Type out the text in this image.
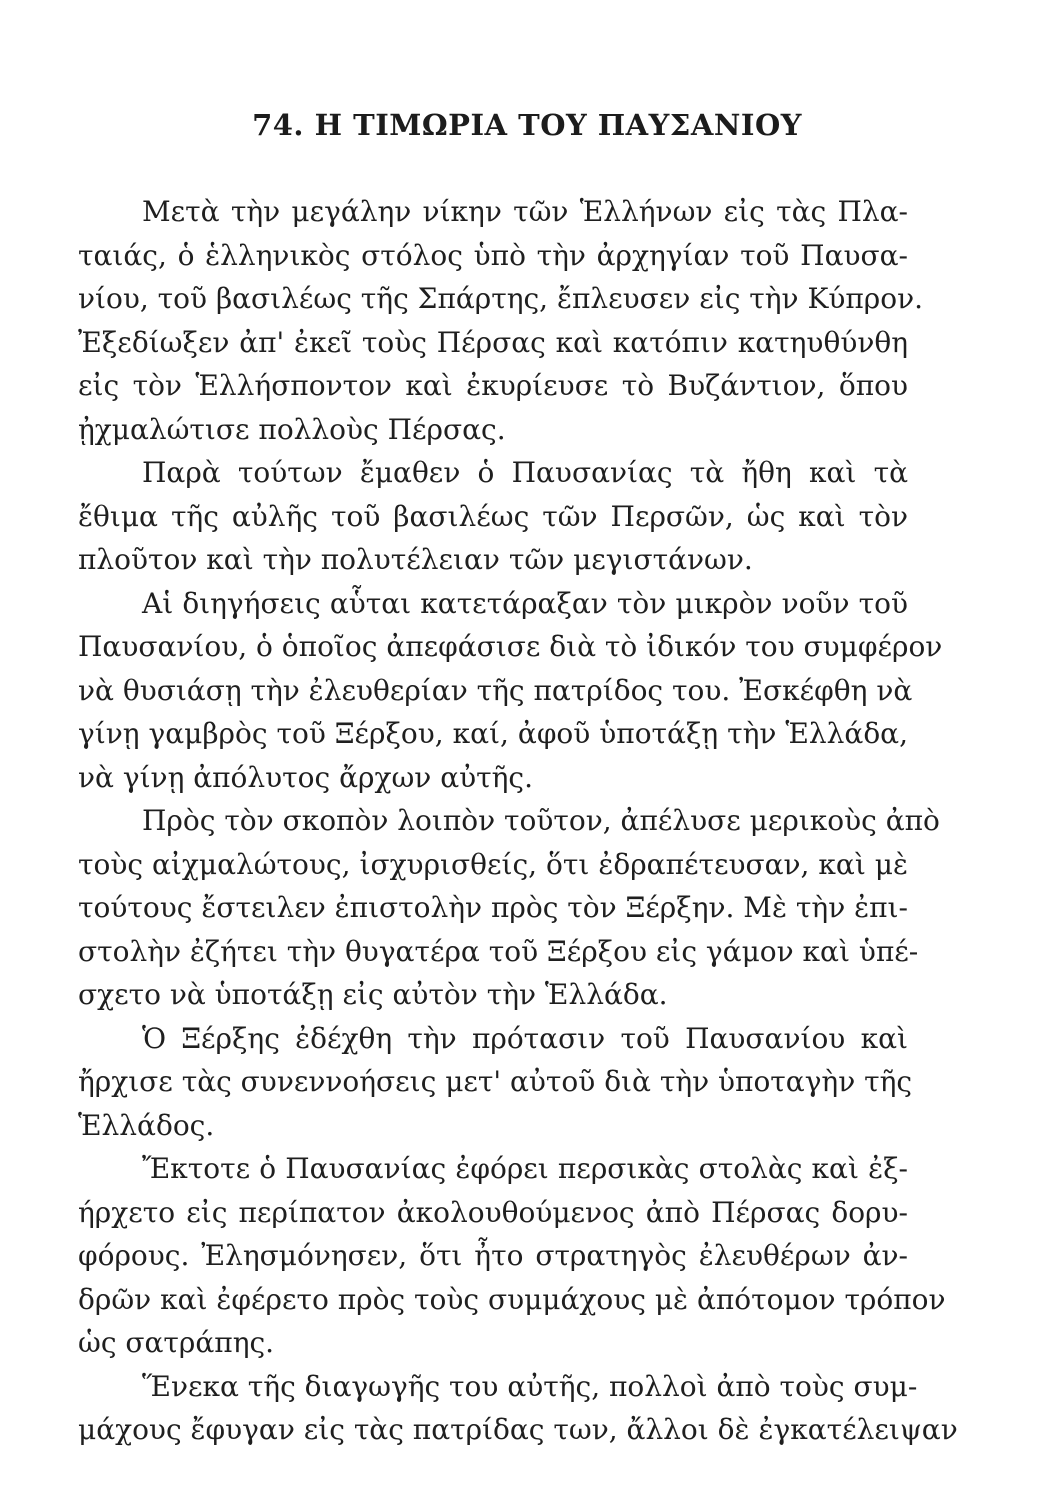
74. Η ΤΙΜΩΡΙΑ ΤΟΥ ΠΑΥΣΑΝΙΟΥ

Μετὰ τὴν μεγάλην νίκην τῶν Ἑλλήνων εἰς τὰς Πλα-

ταιάς, ὁ ἑλληνικὸς στόλος ὑπὸ τὴν ἀρχηγίαν τοῦ Παυσα-

νίου, τοῦ βασιλέως τῆς Σπάρτης, ἔπλευσεν εἰς τὴν Κύπρον.

Ἐξεδίωξεν ἀπ' ἐκεῖ τοὺς Πέρσας καὶ κατόπιν κατηυθύνθη

εἰς τὸν Ἑλλήσποντον καὶ ἐκυρίευσε τὸ Βυζάντιον, ὅπου

ᾐχμαλώτισε πολλοὺς Πέρσας.

Παρὰ τούτων ἔμαθεν ὁ Παυσανίας τὰ ἤθη καὶ τὰ

ἔθιμα τῆς αὐλῆς τοῦ βασιλέως τῶν Περσῶν, ὡς καὶ τὸν

πλοῦτον καὶ τὴν πολυτέλειαν τῶν μεγιστάνων.

Αἱ διηγήσεις αὗται κατετάραξαν τὸν μικρὸν νοῦν τοῦ

Παυσανίου, ὁ ὁποῖος ἀπεφάσισε διὰ τὸ ἰδικόν του συμφέρον

νὰ θυσιάσῃ τὴν ἐλευθερίαν τῆς πατρίδος του. Ἐσκέφθη νὰ

γίνῃ γαμβρὸς τοῦ Ξέρξου, καί, ἀφοῦ ὑποτάξῃ τὴν Ἑλλάδα,

νὰ γίνῃ ἀπόλυτος ἄρχων αὐτῆς.

Πρὸς τὸν σκοπὸν λοιπὸν τοῦτον, ἀπέλυσε μερικοὺς ἀπὸ

τοὺς αἰχμαλώτους, ἰσχυρισθείς, ὅτι ἐδραπέτευσαν, καὶ μὲ

τούτους ἔστειλεν ἐπιστολὴν πρὸς τὸν Ξέρξην. Μὲ τὴν ἐπι-

στολὴν ἐζήτει τὴν θυγατέρα τοῦ Ξέρξου εἰς γάμον καὶ ὑπέ-

σχετο νὰ ὑποτάξῃ εἰς αὐτὸν τὴν Ἑλλάδα.

Ὁ Ξέρξης ἐδέχθη τὴν πρότασιν τοῦ Παυσανίου καὶ

ἤρχισε τὰς συνεννοήσεις μετ' αὐτοῦ διὰ τὴν ὑποταγὴν τῆς

Ἑλλάδος.

Ἔκτοτε ὁ Παυσανίας ἐφόρει περσικὰς στολὰς καὶ ἐξ-

ήρχετο εἰς περίπατον ἀκολουθούμενος ἀπὸ Πέρσας δορυ-

φόρους. Ἐλησμόνησεν, ὅτι ἦτο στρατηγὸς ἐλευθέρων ἀν-

δρῶν καὶ ἐφέρετο πρὸς τοὺς συμμάχους μὲ ἀπότομον τρόπον

ὡς σατράπης.

Ἕνεκα τῆς διαγωγῆς του αὐτῆς, πολλοὶ ἀπὸ τοὺς συμ-

μάχους ἔφυγαν εἰς τὰς πατρίδας των, ἄλλοι δὲ ἐγκατέλειψαν
